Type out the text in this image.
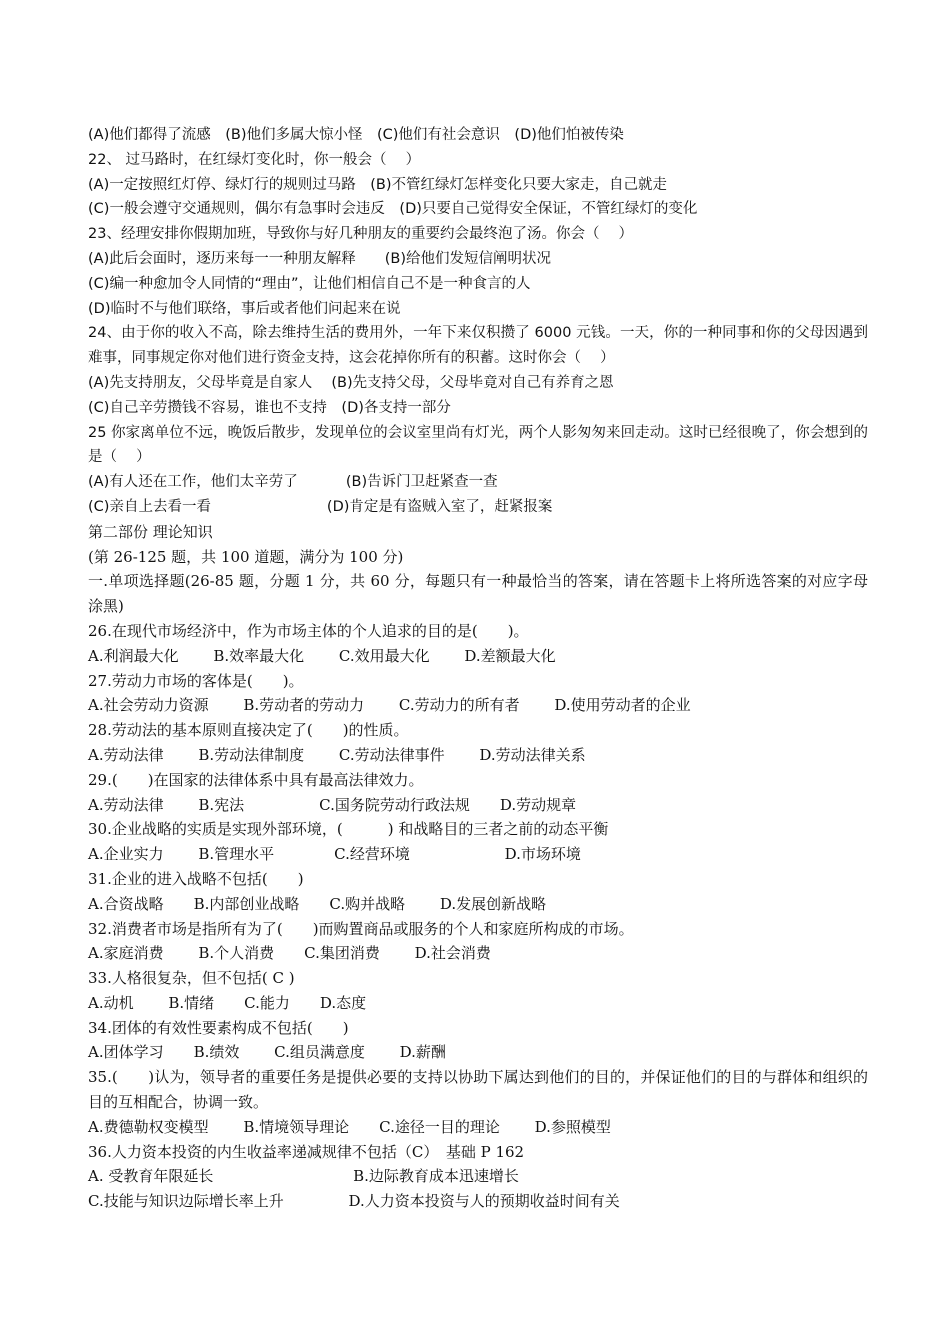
(A)他们都得了流感　(B)他们多属大惊小怪　(C)他们有社会意识　(D)他们怕被传染
22、 过马路时，在红绿灯变化时，你一般会（　 ）
(A)一定按照红灯停、绿灯行的规则过马路　(B)不管红绿灯怎样变化只要大家走，自己就走
(C)一般会遵守交通规则，偶尔有急事时会违反　(D)只要自己觉得安全保证，不管红绿灯的变化
23、经理安排你假期加班，导致你与好几种朋友的重要约会最终泡了汤。你会（　 ）
(A)此后会面时，逐历来每一一种朋友解释　　(B)给他们发短信阐明状况
(C)编一种愈加令人同情的“理由”，让他们相信自己不是一种食言的人
(D)临时不与他们联络，事后或者他们问起来在说
24、由于你的收入不高，除去维持生活的费用外，一年下来仅积攒了 6000 元钱。一天，你的一种同事和你的父母因遇到难事，同事规定你对他们进行资金支持，这会花掉你所有的积蓄。这时你会（　 ）
(A)先支持朋友，父母毕竟是自家人　 (B)先支持父母，父母毕竟对自己有养育之恩
(C)自己辛劳攒钱不容易，谁也不支持　(D)各支持一部分
25 你家离单位不远，晚饭后散步，发现单位的会议室里尚有灯光，两个人影匆匆来回走动。这时已经很晚了，你会想到的是（　 ）
(A)有人还在工作，他们太辛劳了　　　 (B)告诉门卫赶紧查一查
(C)亲自上去看一看　　　　　　　　(D)肯定是有盗贼入室了，赶紧报案
第二部份 理论知识
(第 26-125 题，共 100 道题，满分为 100 分)
一.单项选择题(26-85 题，分题 1 分，共 60 分，每题只有一种最恰当的答案，请在答题卡上将所选答案的对应字母涂黑)
26.在现代市场经济中，作为市场主体的个人追求的目的是(　　)。
A.利润最大化　　 B.效率最大化　　 C.效用最大化　　 D.差额最大化
27.劳动力市场的客体是(　　)。
A.社会劳动力资源　　 B.劳动者的劳动力　　 C.劳动力的所有者　　 D.使用劳动者的企业
28.劳动法的基本原则直接决定了(　　)的性质。
A.劳动法律　　 B.劳动法律制度　　 C.劳动法律事件　　 D.劳动法律关系
29.(　　)在国家的法律体系中具有最高法律效力。
A.劳动法律　　 B.宪法　　　　　C.国务院劳动行政法规　　D.劳动规章
30.企业战略的实质是实现外部环境，(　　　) 和战略目的三者之前的动态平衡
A.企业实力　　 B.管理水平　　　　C.经营环境　　　　　　 D.市场环境
31.企业的进入战略不包括(　　)
A.合资战略　　B.内部创业战略　　C.购并战略　　 D.发展创新战略
32.消费者市场是指所有为了(　　)而购置商品或服务的个人和家庭所构成的市场。
A.家庭消费　　 B.个人消费　　C.集团消费　　 D.社会消费
33.人格很复杂，但不包括( C )
A.动机　　 B.情绪　　C.能力　　D.态度
34.团体的有效性要素构成不包括(　　)
A.团体学习　　B.绩效　　 C.组员满意度　　 D.薪酬
35.(　　)认为，领导者的重要任务是提供必要的支持以协助下属达到他们的目的，并保证他们的目的与群体和组织的目的互相配合，协调一致。
A.费德勒权变模型　　 B.情境领导理论　　C.途径一目的理论　　 D.参照模型
36.人力资本投资的内生收益率递减规律不包括（C）　基础 P 162
A. 受教育年限延长　　　　　　　　　 B.边际教育成本迅速增长
C.技能与知识边际增长率上升　　　　 D.人力资本投资与人的预期收益时间有关
